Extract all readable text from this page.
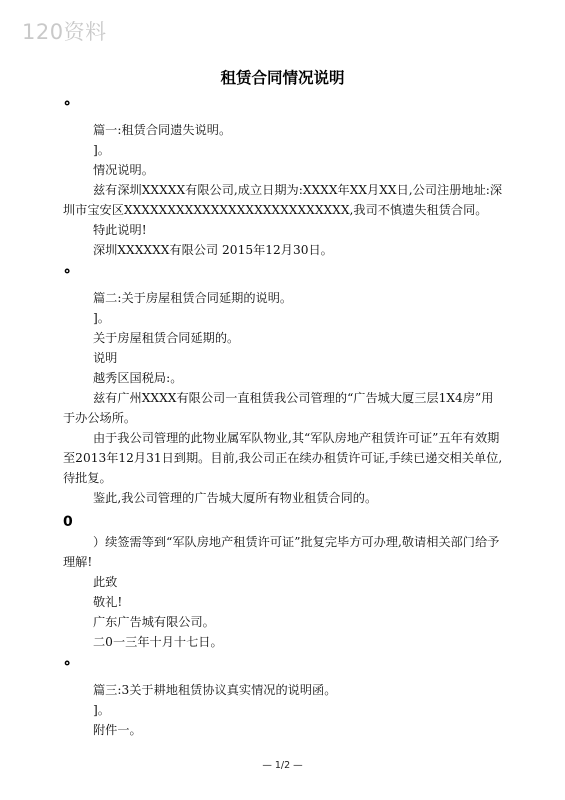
120资料
租赁合同情况说明
∘

篇一:租赁合同遗失说明。

]。

情况说明。

兹有深圳XXXXX有限公司,成立日期为:XXXX年XX月XX日,公司注册地址:深圳市宝安区XXXXXXXXXXXXXXXXXXXXXXXXXX,我司不慎遗失租赁合同。

特此说明!

深圳XXXXXX有限公司 2015年12月30日。

∘

篇二:关于房屋租赁合同延期的说明。

]。

关于房屋租赁合同延期的。

说明

越秀区国税局:。

兹有广州XXXX有限公司一直租赁我公司管理的“广告城大厦三层1X4房”用于办公场所。

由于我公司管理的此物业属军队物业,其“军队房地产租赁许可证”五年有效期至2013年12月31日到期。目前,我公司正在续办租赁许可证,手续已递交相关单位,待批复。

鉴此,我公司管理的广告城大厦所有物业租赁合同的。

0

）续签需等到“军队房地产租赁许可证”批复完毕方可办理,敬请相关部门给予理解!

此致

敬礼!

广东广告城有限公司。

二0一三年十月十七日。

∘

篇三:3关于耕地租赁协议真实情况的说明函。

]。

附件一。

— 1/2 —
